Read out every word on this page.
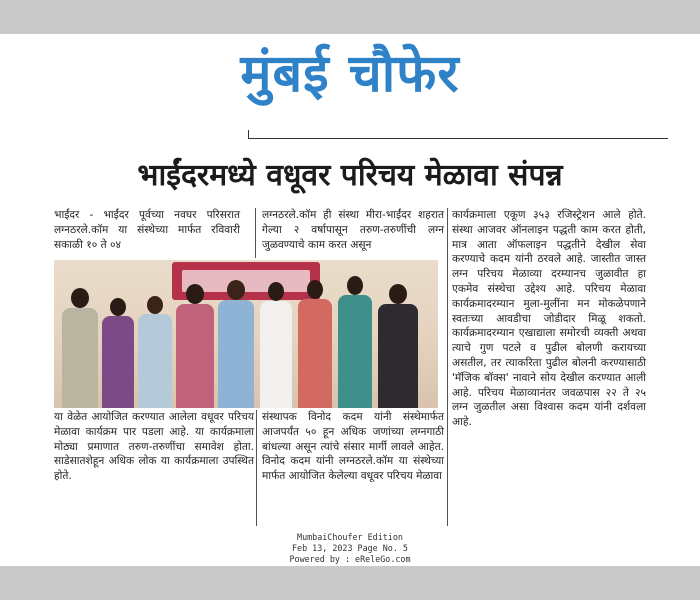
मुंबई चौफेर
भाईंदरमध्ये वधूवर परिचय मेळावा संपन्न
भाईंदर - भाईंदर पूर्वच्या नवघर परिसरात लग्नठरले.कॉम या संस्थेच्या मार्फत रविवारी सकाळी १० ते ०४
लग्नठरले.कॉम ही संस्था मीरा-भाईंदर शहरात गेल्या २ वर्षापासून तरुण-तरुणींची लग्न जुळवण्याचे काम करत असून
कार्यक्रमाला एकूण ३५३ रजिस्ट्रेशन आले होते. संस्था आजवर ऑनलाइन पद्धती काम करत होती, मात्र आता ऑफलाइन पद्धतीने देखील सेवा करण्याचे कदम यांनी ठरवले आहे. जास्तीत जास्त लग्न परिचय मेळाव्या दरम्यानच जुळावीत हा एकमेव संस्थेचा उद्देश्य आहे. परिचय मेळावा कार्यक्रमादरम्यान मुला-मुलींना मन मोकळेपणाने स्वतःच्या आवडीचा जोडीदार मिळू शकतो. कार्यक्रमादरम्यान एखाद्याला समोरची व्यक्ती अथवा त्याचे गुण पटले व पुढील बोलणी करायच्या असतील, तर त्याकरिता पुढील बोलनी करण्यासाठी 'मॅजिक बॉक्स' नावाने सोय देखील करण्यात आली आहे. परिचय मेळाव्यानंतर जवळपास २२ ते २५ लग्न जुळतील असा विश्वास कदम यांनी दर्शवला आहे.
या वेळेत आयोजित करण्यात आलेला वधूवर परिचय मेळावा कार्यक्रम पार पडला आहे. या कार्यक्रमाला मोठ्या प्रमाणात तरुण-तरुणींचा समावेश होता. साडेसातशेहून अधिक लोक या कार्यक्रमाला उपस्थित होते.
संस्थापक विनोद कदम यांनी संस्थेमार्फत आजपर्यंत ५० हून अधिक जणांच्या लग्नगाठी बांधल्या असून त्यांचे संसार मार्गी लावले आहेत. विनोद कदम यांनी लग्नठरले.कॉम या संस्थेच्या मार्फत आयोजित केलेल्या वधूवर परिचय मेळावा
MumbaiChoufer Edition
Feb 13, 2023 Page No. 5
Powered by : eReleGo.com
